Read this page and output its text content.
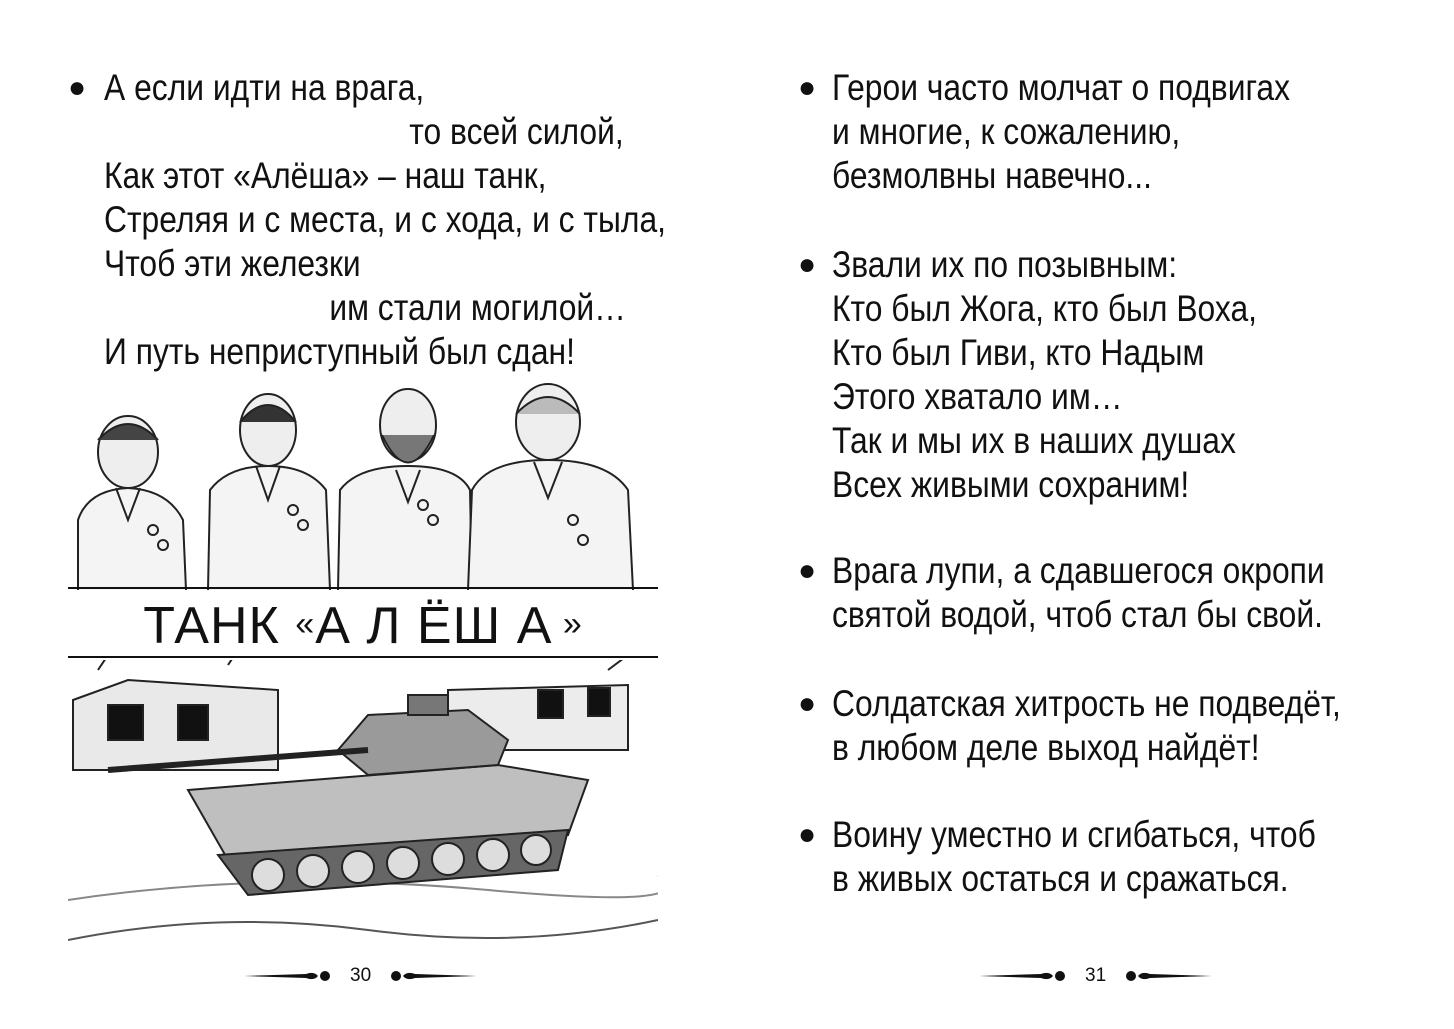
● А если идти на врага,
то всей силой,
Как этот «Алёша» – наш танк,
Стреляя и с места, и с хода, и с тыла,
Чтоб эти железки
им стали могилой…
И путь неприступный был сдан!
ТАНК «А Л ЁШ А »
30
● Герои часто молчат о подвигах
и многие, к сожалению,
безмолвны навечно...
● Звали их по позывным:
Кто был Жога, кто был Воха,
Кто был Гиви, кто Надым
Этого хватало им…
Так и мы их в наших душах
Всех живыми сохраним!
● Врага лупи, а сдавшегося окропи
святой водой, чтоб стал бы свой.
● Солдатская хитрость не подведёт,
в любом деле выход найдёт!
● Воину уместно и сгибаться, чтоб
в живых остаться и сражаться.
31
